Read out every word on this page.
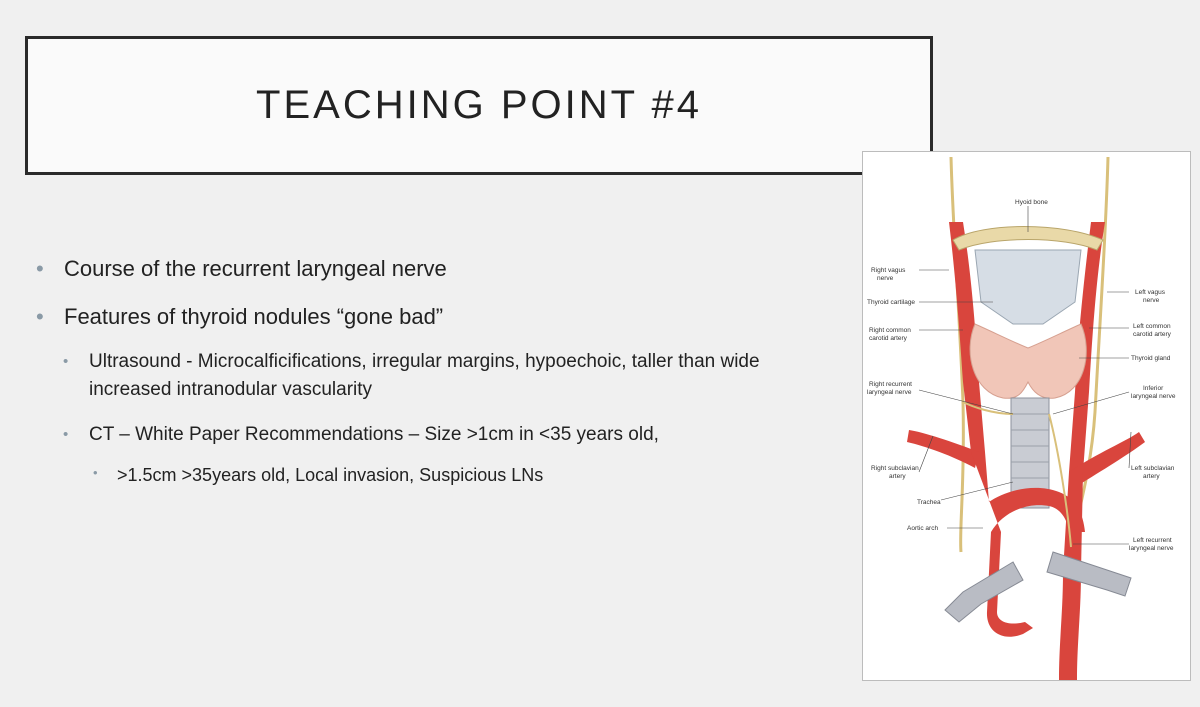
TEACHING POINT #4
• Course of the recurrent laryngeal nerve
• Features of thyroid nodules “gone bad”
• Ultrasound - Microcalficifications, irregular margins, hypoechoic, taller than wide
increased intranodular vascularity
• CT – White Paper Recommendations – Size >1cm in <35 years old,
• >1.5cm >35years old, Local invasion, Suspicious LNs
Hyoid bone
Right vagus
nerve
Thyroid cartilage
Right common
carotid artery
Right recurrent
laryngeal nerve
Right subclavian
artery
Trachea
Aortic arch
Left vagus
nerve
Left common
carotid artery
Thyroid gland
Inferior
laryngeal nerve
Left subclavian
artery
Left recurrent
laryngeal nerve
